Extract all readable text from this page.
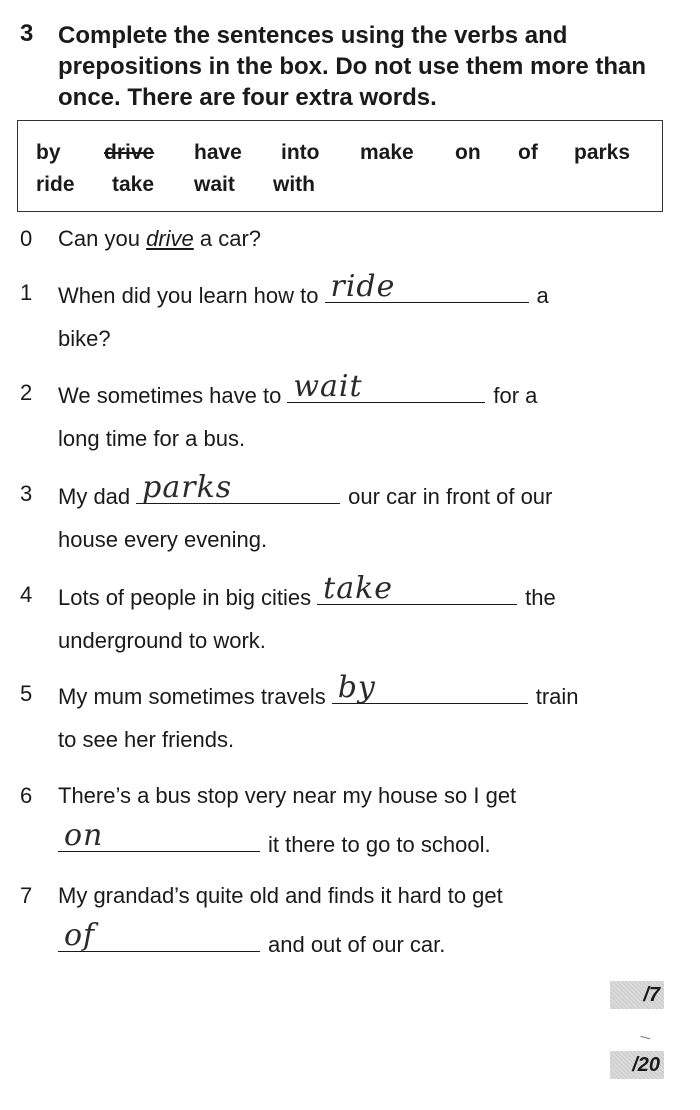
3 Complete the sentences using the verbs and prepositions in the box. Do not use them more than once. There are four extra words.
by drive have into make on of parks
ride take wait with
0 Can you drive a car?
1 When did you learn how to ride	a
bike?
2 We sometimes have to wait	for a
long time for a bus.
3 My dad parks	our car in front of our
house every evening.
4 Lots of people in big cities take	the
underground to work.
5 My mum sometimes travels by	train
to see her friends.
6 There’s a bus stop very near my house so I get
on	it there to go to school.
7 My grandad’s quite old and finds it hard to get
of	and out of our car.
/7
/20
